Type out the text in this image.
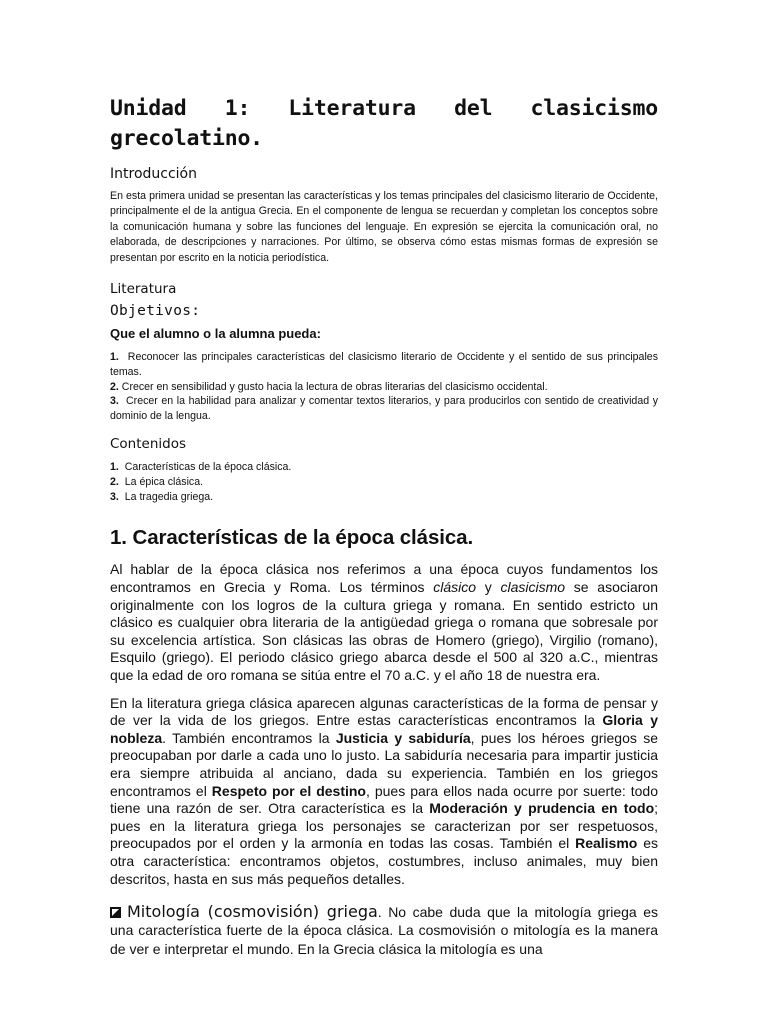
Unidad 1: Literatura del clasicismo grecolatino.
Introducción

En esta primera unidad se presentan las características y los temas principales del clasicismo literario de Occidente, principalmente el de la antigua Grecia. En el componente de lengua se recuerdan y completan los conceptos sobre la comunicación humana y sobre las funciones del lenguaje. En expresión se ejercita la comunicación oral, no elaborada, de descripciones y narraciones. Por último, se observa cómo estas mismas formas de expresión se presentan por escrito en la noticia periodística.

Literatura
Objetivos:

Que el alumno o la alumna pueda:

1. Reconocer las principales características del clasicismo literario de Occidente y el sentido de sus principales temas.
2. Crecer en sensibilidad y gusto hacia la lectura de obras literarias del clasicismo occidental.
3. Crecer en la habilidad para analizar y comentar textos literarios, y para producirlos con sentido de creatividad y dominio de la lengua.
Contenidos
1. Características de la época clásica.
2. La épica clásica.
3. La tragedia griega.
1. Características de la época clásica.

Al hablar de la época clásica nos referimos a una época cuyos fundamentos los encontramos en Grecia y Roma. Los términos clásico y clasicismo se asociaron originalmente con los logros de la cultura griega y romana. En sentido estricto un clásico es cualquier obra literaria de la antigüedad griega o romana que sobresale por su excelencia artística. Son clásicas las obras de Homero (griego), Virgilio (romano), Esquilo (griego). El periodo clásico griego abarca desde el 500 al 320 a.C., mientras que la edad de oro romana se sitúa entre el 70 a.C. y el año 18 de nuestra era.

En la literatura griega clásica aparecen algunas características de la forma de pensar y de ver la vida de los griegos. Entre estas características encontramos la Gloria y nobleza. También encontramos la Justicia y sabiduría, pues los héroes griegos se preocupaban por darle a cada uno lo justo. La sabiduría necesaria para impartir justicia era siempre atribuida al anciano, dada su experiencia. También en los griegos encontramos el Respeto por el destino, pues para ellos nada ocurre por suerte: todo tiene una razón de ser. Otra característica es la Moderación y prudencia en todo; pues en la literatura griega los personajes se caracterizan por ser respetuosos, preocupados por el orden y la armonía en todas las cosas. También el Realismo es otra característica: encontramos objetos, costumbres, incluso animales, muy bien descritos, hasta en sus más pequeños detalles.

Mitología (cosmovisión) griega. No cabe duda que la mitología griega es una característica fuerte de la época clásica. La cosmovisión o mitología es la manera de ver e interpretar el mundo. En la Grecia clásica la mitología es una
